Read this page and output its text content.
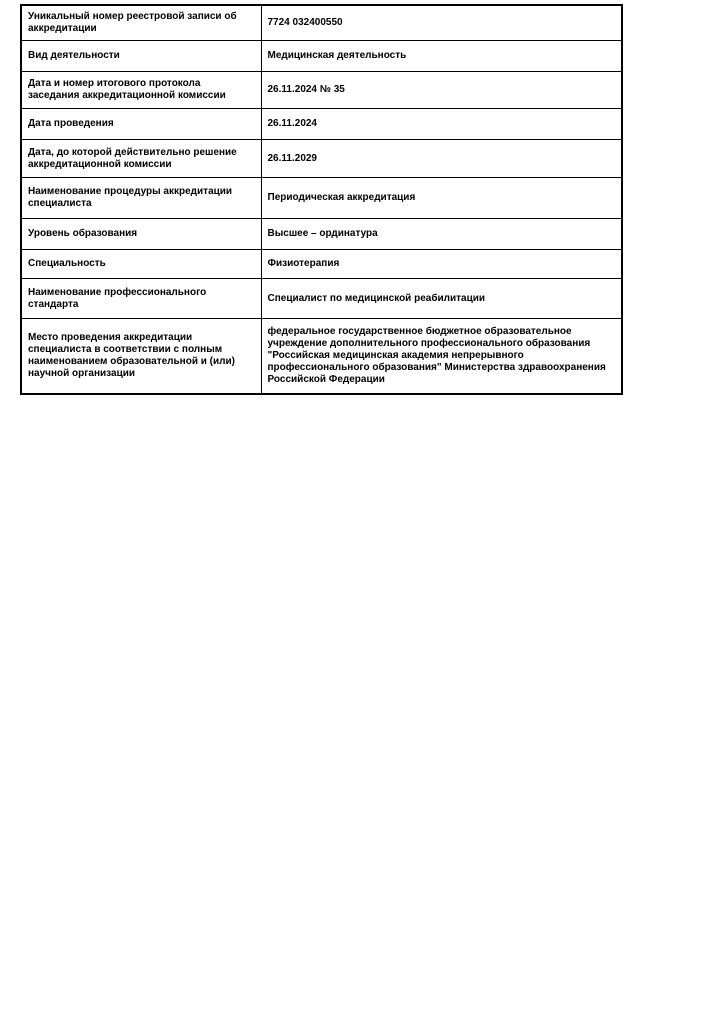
Уникальный номер реестровой записи об аккредитации	7724 032400550
Вид деятельности	Медицинская деятельность
Дата и номер итогового протокола заседания аккредитационной комиссии	26.11.2024 № 35
Дата проведения	26.11.2024
Дата, до которой действительно решение аккредитационной комиссии	26.11.2029
Наименование процедуры аккредитации специалиста	Периодическая аккредитация
Уровень образования	Высшее – ординатура
Специальность	Физиотерапия
Наименование профессионального стандарта	Специалист по медицинской реабилитации
Место проведения аккредитации специалиста в соответствии с полным наименованием образовательной и (или) научной организации	федеральное государственное бюджетное образовательное учреждение дополнительного профессионального образования "Российская медицинская академия непрерывного профессионального образования" Министерства здравоохранения Российской Федерации
